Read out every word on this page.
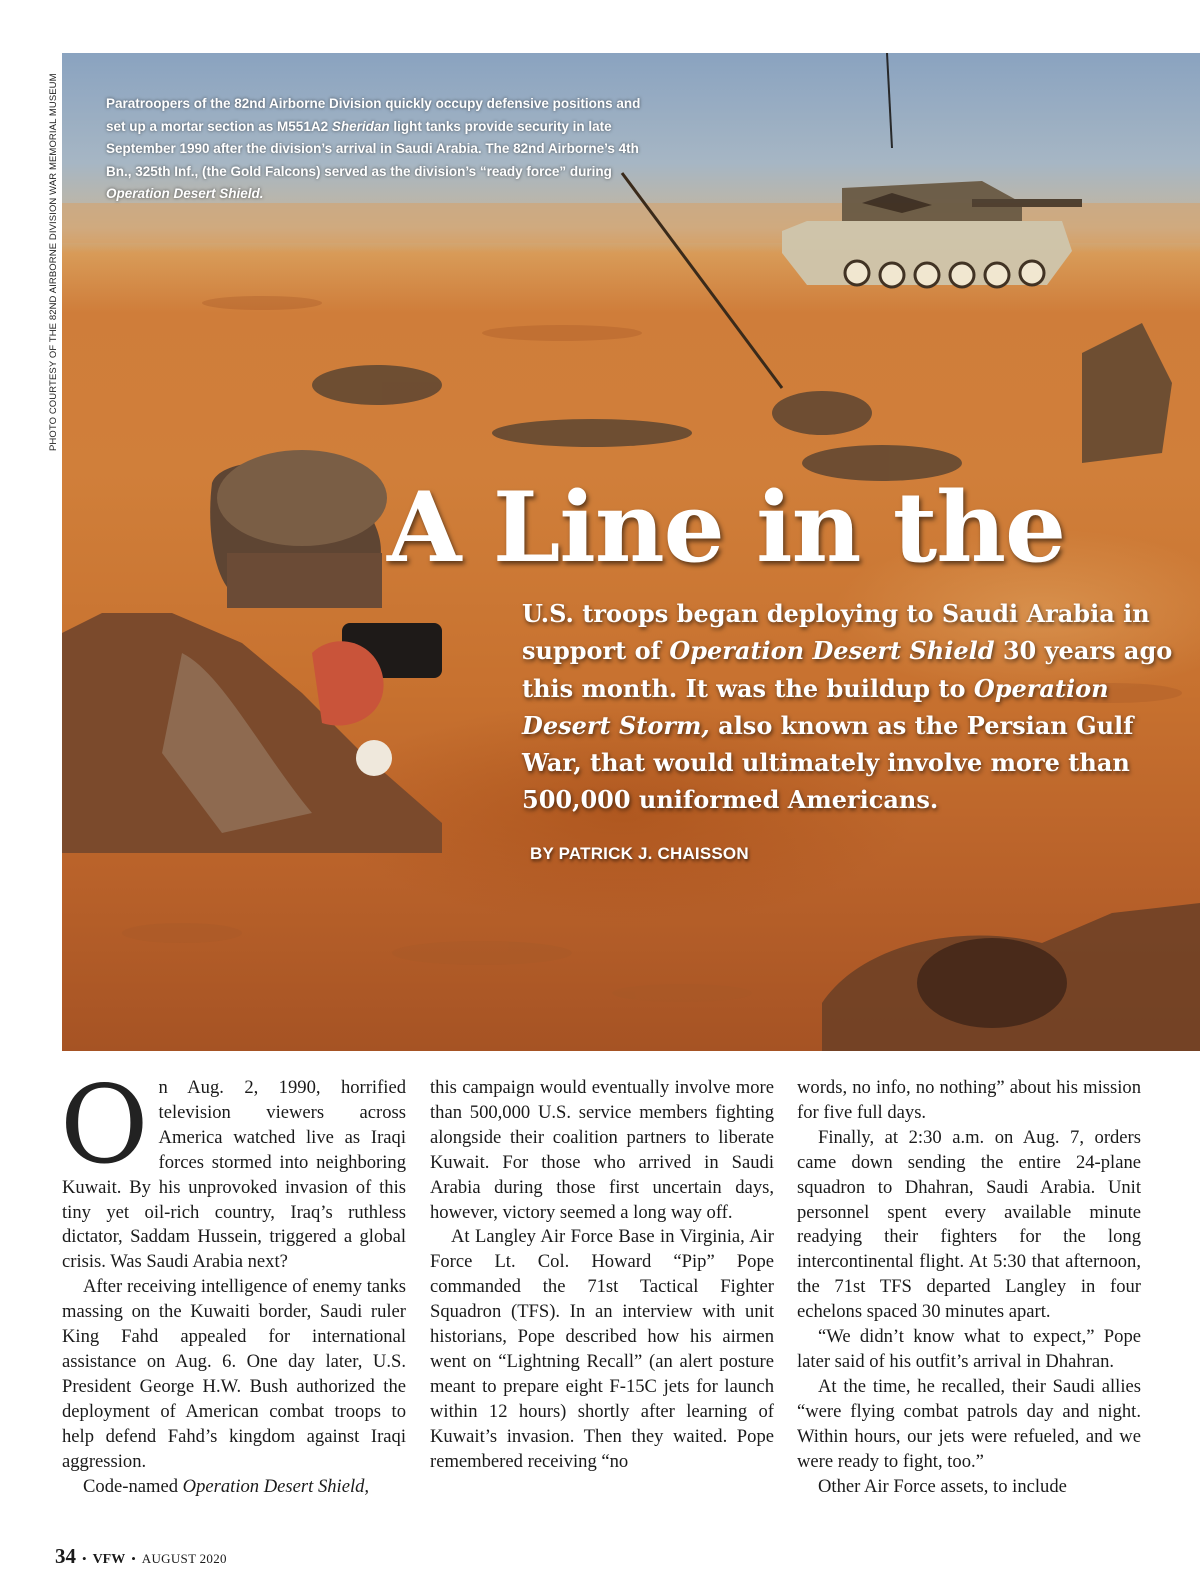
Paratroopers of the 82nd Airborne Division quickly occupy defensive positions and set up a mortar section as M551A2 Sheridan light tanks provide security in late September 1990 after the division’s arrival in Saudi Arabia. The 82nd Airborne’s 4th Bn., 325th Inf., (the Gold Falcons) served as the division’s “ready force” during Operation Desert Shield.
A Line in the
U.S. troops began deploying to Saudi Arabia in support of Operation Desert Shield 30 years ago this month. It was the buildup to Operation Desert Storm, also known as the Persian Gulf War, that would ultimately involve more than 500,000 uniformed Americans.
BY PATRICK J. CHAISSON
PHOTO COURTESY OF THE 82ND AIRBORNE DIVISION WAR MEMORIAL MUSEUM

On Aug. 2, 1990, horrified television viewers across America watched live as Iraqi forces stormed into neighboring Kuwait. By his unprovoked invasion of this tiny yet oil-rich country, Iraq’s ruthless dictator, Saddam Hussein, triggered a global crisis. Was Saudi Arabia next?

After receiving intelligence of enemy tanks massing on the Kuwaiti border, Saudi ruler King Fahd appealed for international assistance on Aug. 6. One day later, U.S. President George H.W. Bush authorized the deployment of American combat troops to help defend Fahd’s kingdom against Iraqi aggression.

Code-named Operation Desert Shield,

this campaign would eventually involve more than 500,000 U.S. service members fighting alongside their coalition partners to liberate Kuwait. For those who arrived in Saudi Arabia during those first uncertain days, however, victory seemed a long way off.

At Langley Air Force Base in Virginia, Air Force Lt. Col. Howard “Pip” Pope commanded the 71st Tactical Fighter Squadron (TFS). In an interview with unit historians, Pope described how his airmen went on “Lightning Recall” (an alert posture meant to prepare eight F-15C jets for launch within 12 hours) shortly after learning of Kuwait’s invasion. Then they waited. Pope remembered receiving “no

words, no info, no nothing” about his mission for five full days.

Finally, at 2:30 a.m. on Aug. 7, orders came down sending the entire 24-plane squadron to Dhahran, Saudi Arabia. Unit personnel spent every available minute readying their fighters for the long intercontinental flight. At 5:30 that afternoon, the 71st TFS departed Langley in four echelons spaced 30 minutes apart.

“We didn’t know what to expect,” Pope later said of his outfit’s arrival in Dhahran.

At the time, he recalled, their Saudi allies “were flying combat patrols day and night. Within hours, our jets were refueled, and we were ready to fight, too.”

Other Air Force assets, to include

34 • VFW • AUGUST 2020
